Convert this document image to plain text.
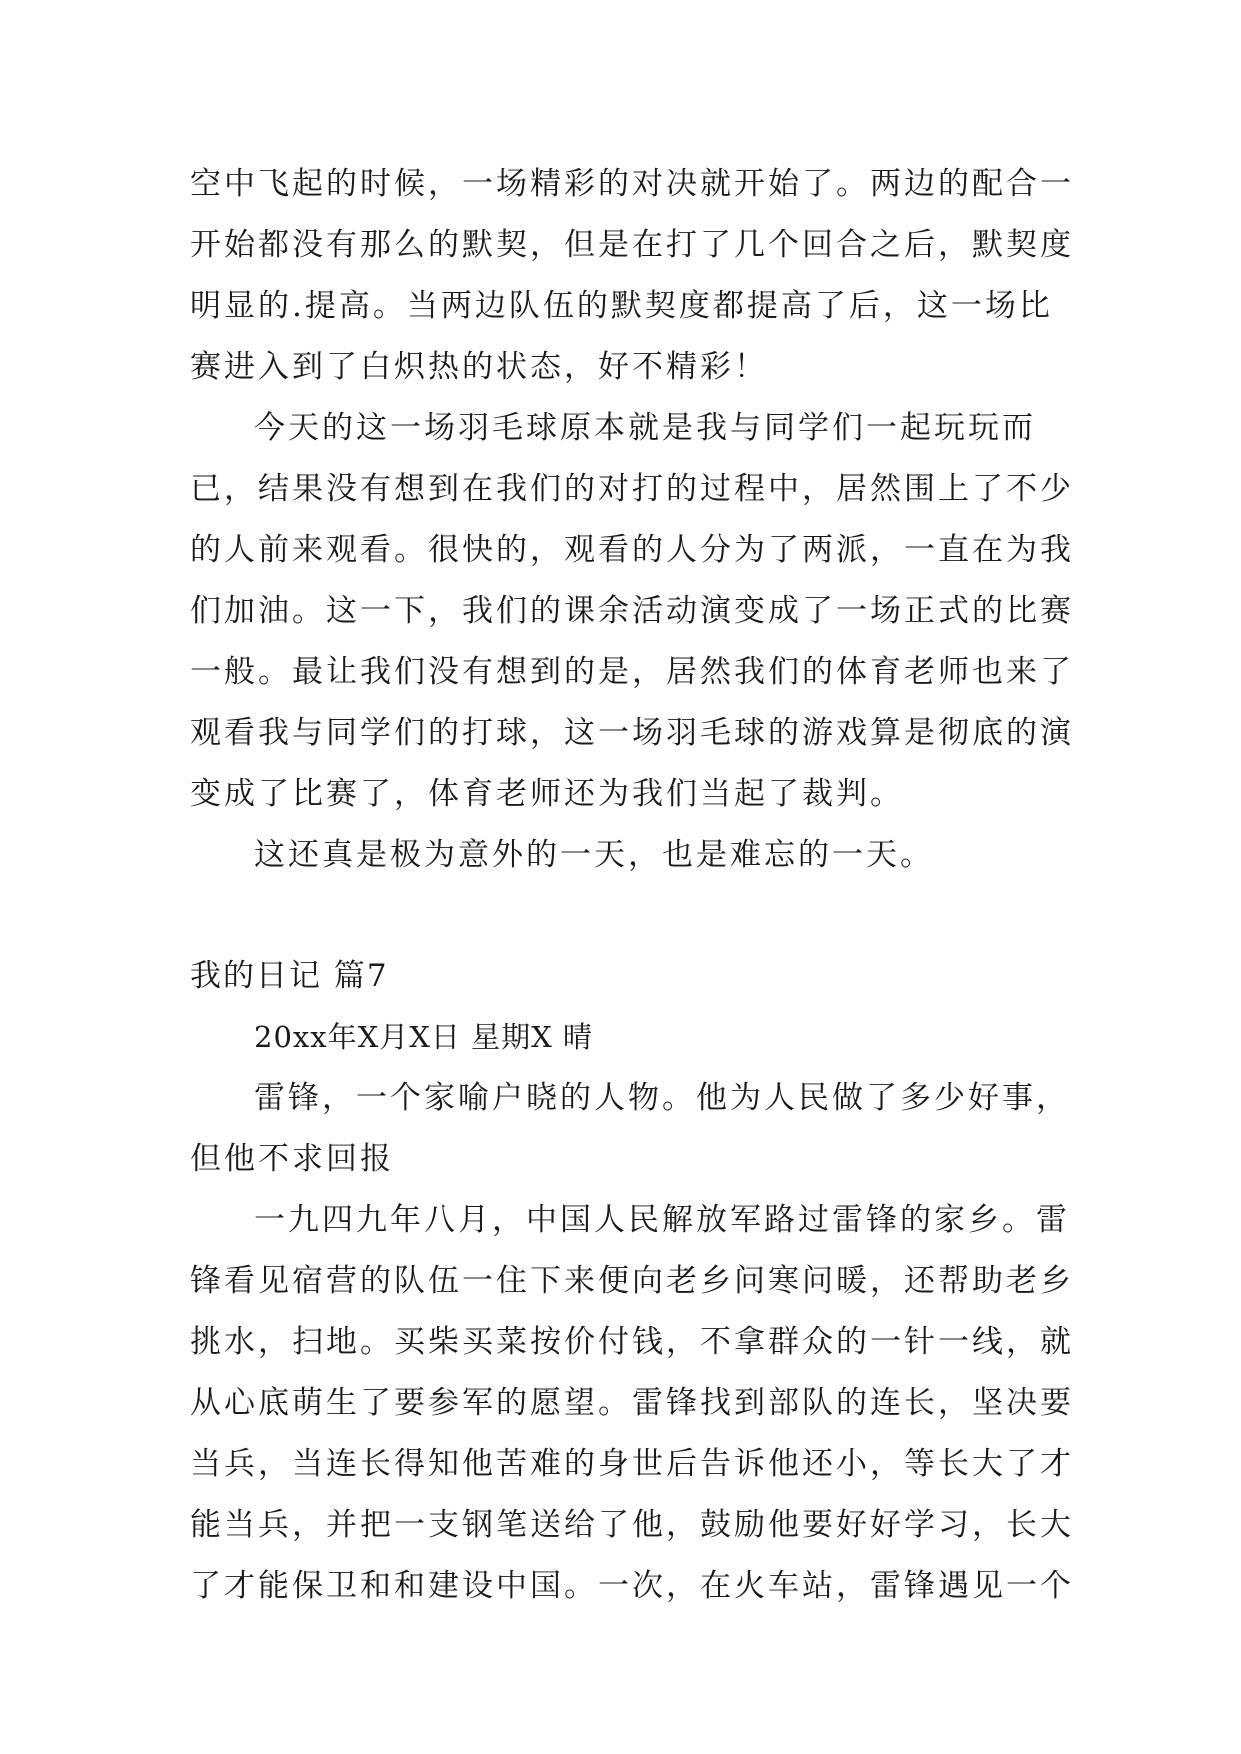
空中飞起的时候，一场精彩的对决就开始了。两边的配合一
开始都没有那么的默契，但是在打了几个回合之后，默契度
明显的.提高。当两边队伍的默契度都提高了后，这一场比
赛进入到了白炽热的状态，好不精彩！
今天的这一场羽毛球原本就是我与同学们一起玩玩而
已，结果没有想到在我们的对打的过程中，居然围上了不少
的人前来观看。很快的，观看的人分为了两派，一直在为我
们加油。这一下，我们的课余活动演变成了一场正式的比赛
一般。最让我们没有想到的是，居然我们的体育老师也来了
观看我与同学们的打球，这一场羽毛球的游戏算是彻底的演
变成了比赛了，体育老师还为我们当起了裁判。
这还真是极为意外的一天，也是难忘的一天。
我的日记 篇7
20xx年X月X日 星期X 晴
雷锋，一个家喻户晓的人物。他为人民做了多少好事，
但他不求回报
一九四九年八月，中国人民解放军路过雷锋的家乡。雷
锋看见宿营的队伍一住下来便向老乡问寒问暖，还帮助老乡
挑水，扫地。买柴买菜按价付钱，不拿群众的一针一线，就
从心底萌生了要参军的愿望。雷锋找到部队的连长，坚决要
当兵，当连长得知他苦难的身世后告诉他还小，等长大了才
能当兵，并把一支钢笔送给了他，鼓励他要好好学习，长大
了才能保卫和和建设中国。一次，在火车站，雷锋遇见一个
